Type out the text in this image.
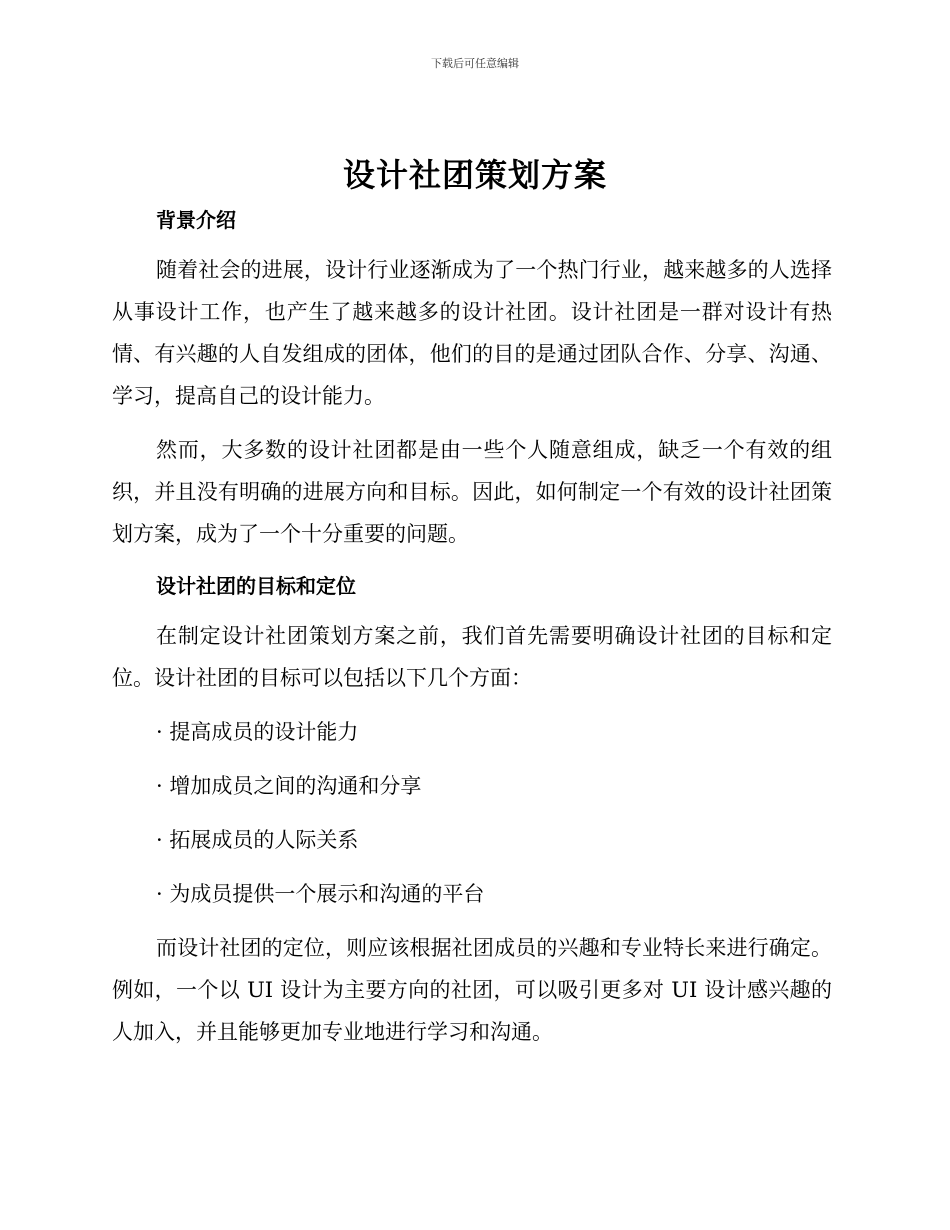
下载后可任意编辑
设计社团策划方案
背景介绍

随着社会的进展，设计行业逐渐成为了一个热门行业，越来越多的人选择从事设计工作，也产生了越来越多的设计社团。设计社团是一群对设计有热情、有兴趣的人自发组成的团体，他们的目的是通过团队合作、分享、沟通、学习，提高自己的设计能力。

然而，大多数的设计社团都是由一些个人随意组成，缺乏一个有效的组织，并且没有明确的进展方向和目标。因此，如何制定一个有效的设计社团策划方案，成为了一个十分重要的问题。

设计社团的目标和定位

在制定设计社团策划方案之前，我们首先需要明确设计社团的目标和定位。设计社团的目标可以包括以下几个方面：

· 提高成员的设计能力

· 增加成员之间的沟通和分享

· 拓展成员的人际关系

· 为成员提供一个展示和沟通的平台

而设计社团的定位，则应该根据社团成员的兴趣和专业特长来进行确定。例如，一个以 UI 设计为主要方向的社团，可以吸引更多对 UI 设计感兴趣的人加入，并且能够更加专业地进行学习和沟通。
